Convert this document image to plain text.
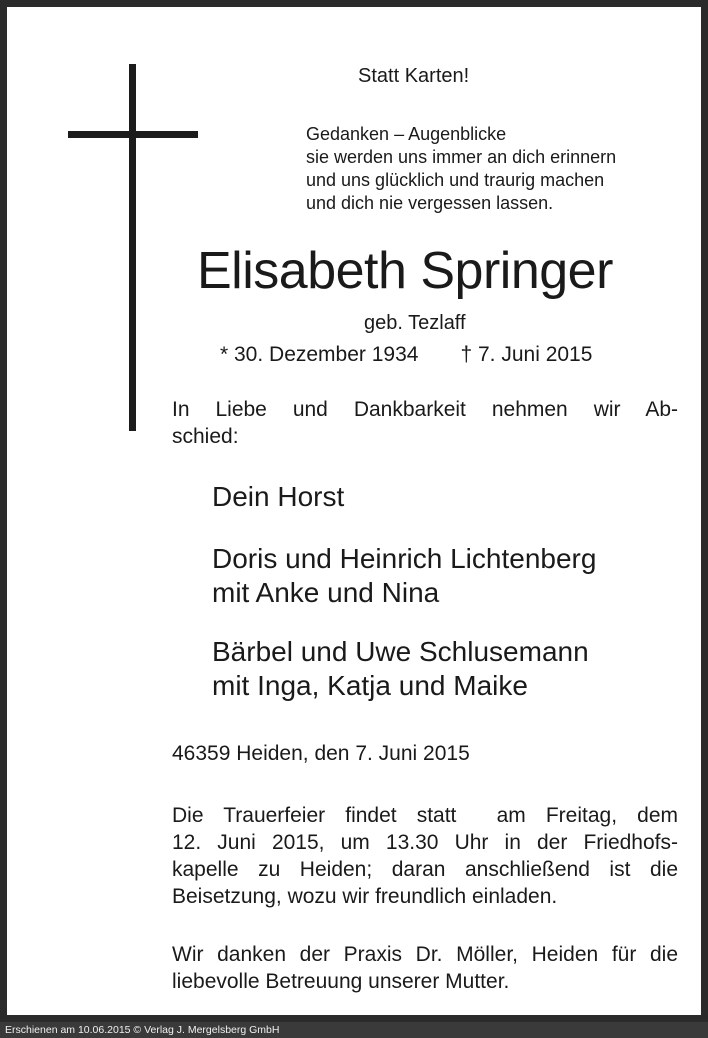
Statt Karten!
Gedanken – Augenblicke
sie werden uns immer an dich erinnern
und uns glücklich und traurig machen
und dich nie vergessen lassen.
Elisabeth Springer
geb. Tezlaff
* 30. Dezember 1934 † 7. Juni 2015
In Liebe und Dankbarkeit nehmen wir Ab-
schied:
Dein Horst
Doris und Heinrich Lichtenberg
mit Anke und Nina
Bärbel und Uwe Schlusemann
mit Inga, Katja und Maike
46359 Heiden, den 7. Juni 2015
Die Trauerfeier findet statt  am Freitag, dem
12. Juni 2015, um 13.30 Uhr in der Friedhofs-
kapelle zu Heiden; daran anschließend ist die
Beisetzung, wozu wir freundlich einladen.
Wir danken der Praxis Dr. Möller, Heiden für die
liebevolle Betreuung unserer Mutter.
Erschienen am 10.06.2015 © Verlag J. Mergelsberg GmbH
